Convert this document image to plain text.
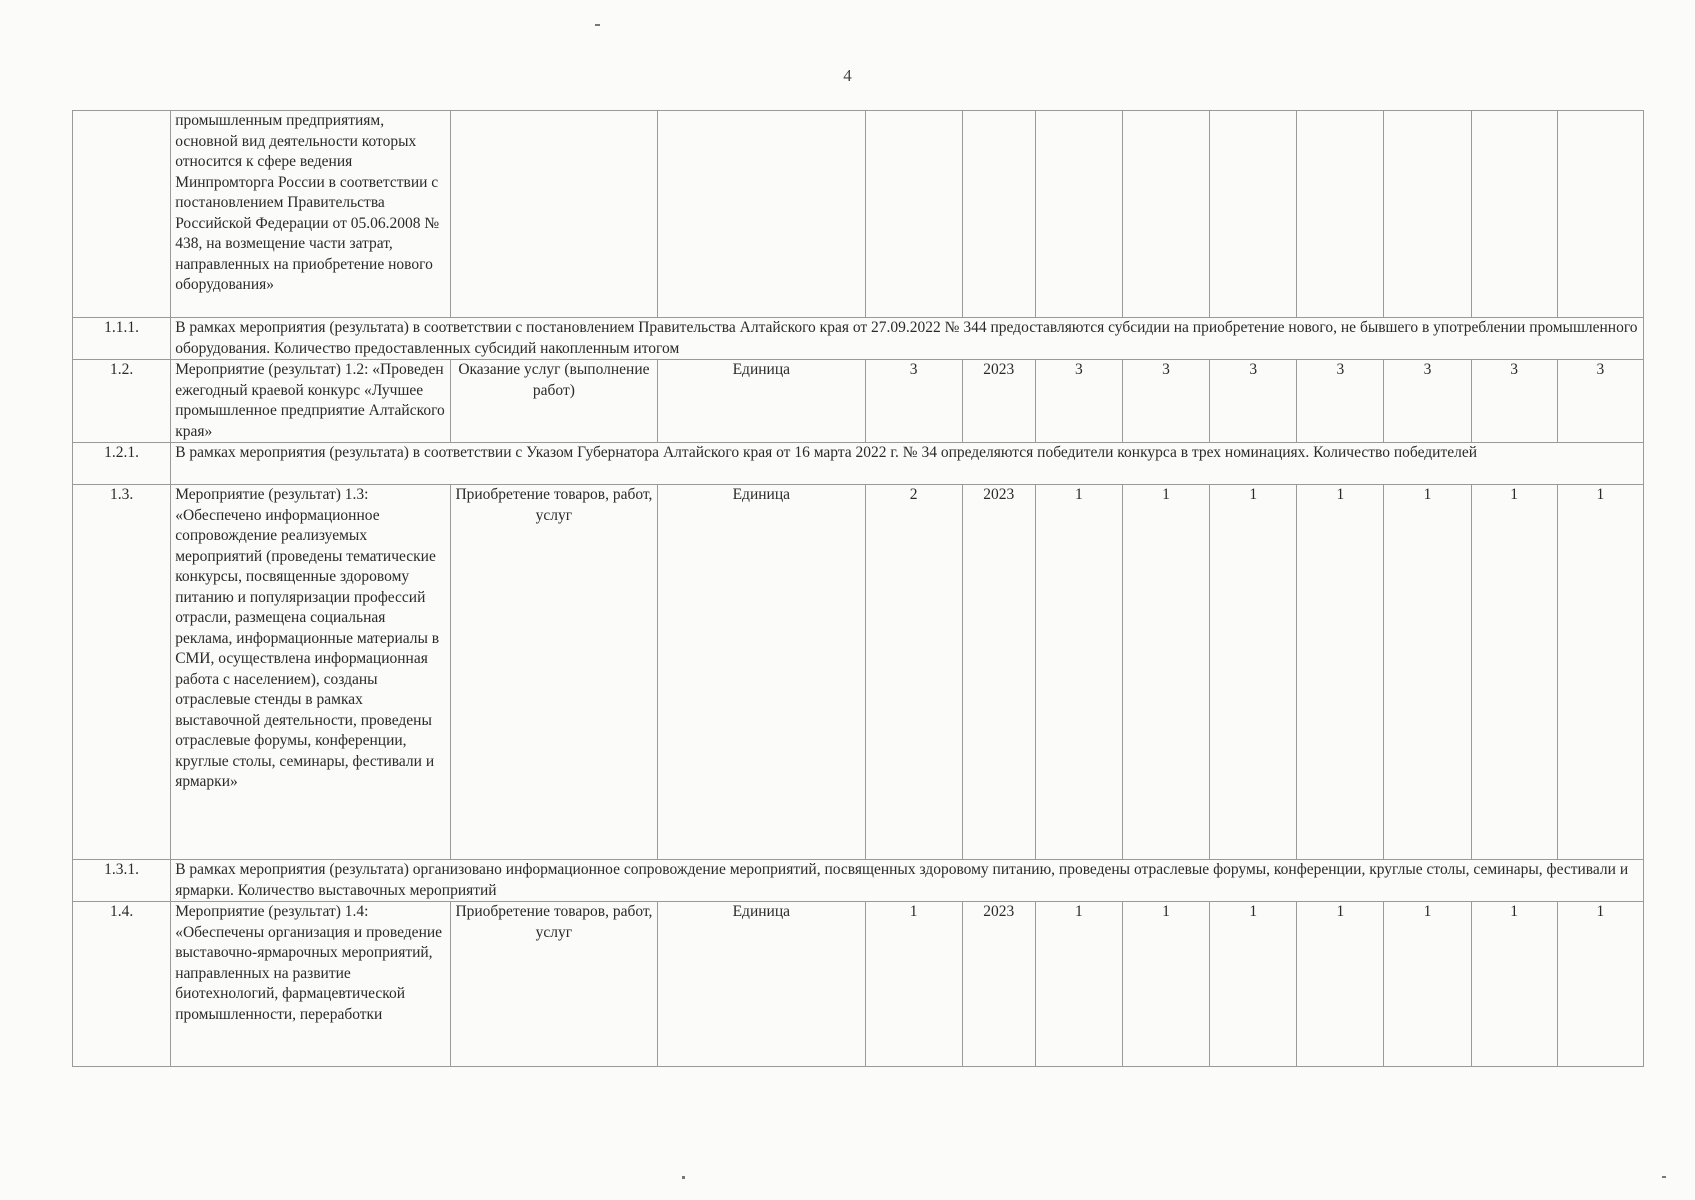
4
	промышленным предприятиям, основной вид деятельности которых относится к сфере ведения Минпромторга России в соответствии с постановлением Правительства Российской Федерации от 05.06.2008 № 438, на возмещение части затрат, направленных на приобретение нового оборудования»											
1.1.1.	В рамках мероприятия (результата) в соответствии с постановлением Правительства Алтайского края от 27.09.2022 № 344 предоставляются субсидии на приобретение нового, не бывшего в употреблении промышленного оборудования. Количество предоставленных субсидий накопленным итогом											
1.2.	Мероприятие (результат) 1.2: «Проведен ежегодный краевой конкурс «Лучшее промышленное предприятие Алтайского края»	Оказание услуг (выполнение работ)	Единица	3	2023	3	3	3	3	3	3	3
1.2.1.	В рамках мероприятия (результата) в соответствии с Указом Губернатора Алтайского края от 16 марта 2022 г. № 34 определяются победители конкурса в трех номинациях. Количество победителей											
1.3.	Мероприятие (результат) 1.3: «Обеспечено информационное сопровождение реализуемых мероприятий (проведены тематические конкурсы, посвященные здоровому питанию и популяризации профессий отрасли, размещена социальная реклама, информационные материалы в СМИ, осуществлена информационная работа с населением), созданы отраслевые стенды в рамках выставочной деятельности, проведены отраслевые форумы, конференции, круглые столы, семинары, фестивали и ярмарки»	Приобретение товаров, работ, услуг	Единица	2	2023	1	1	1	1	1	1	1
1.3.1.	В рамках мероприятия (результата) организовано информационное сопровождение мероприятий, посвященных здоровому питанию, проведены отраслевые форумы, конференции, круглые столы, семинары, фестивали и ярмарки. Количество выставочных мероприятий											
1.4.	Мероприятие (результат) 1.4: «Обеспечены организация и проведение выставочно-ярмарочных мероприятий, направленных на развитие биотехнологий, фармацевтической промышленности, переработки	Приобретение товаров, работ, услуг	Единица	1	2023	1	1	1	1	1	1	1
